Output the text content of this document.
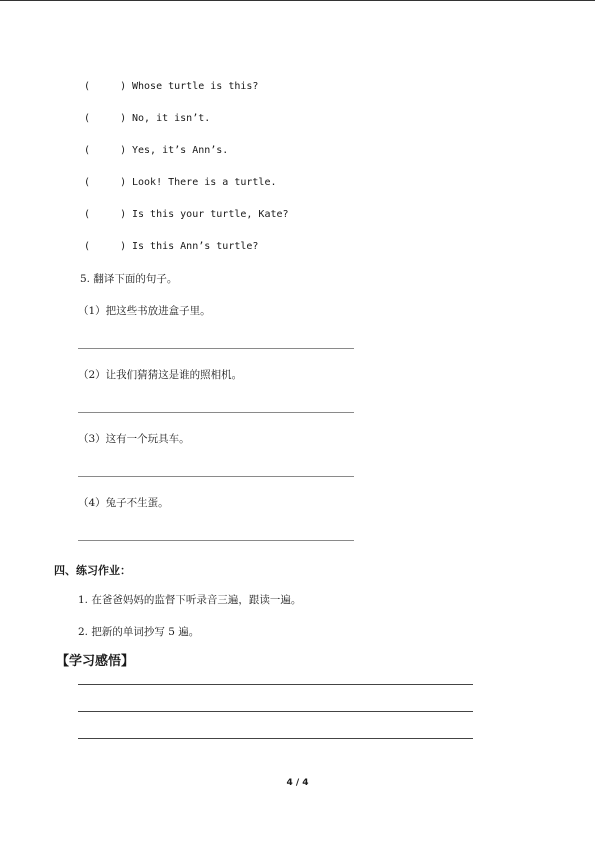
(	) Whose turtle is this?
(	) No, it isn’t.
(	) Yes, it’s Ann’s.
(	) Look! There is a turtle.
(	) Is this your turtle, Kate?
(	) Is this Ann’s turtle?
5. 翻译下面的句子。
（1）把这些书放进盒子里。
（2）让我们猜猜这是谁的照相机。
（3）这有一个玩具车。
（4）兔子不生蛋。
四、练习作业：
1. 在爸爸妈妈的监督下听录音三遍，跟读一遍。
2. 把新的单词抄写 5 遍。
【学习感悟】
4 / 4
